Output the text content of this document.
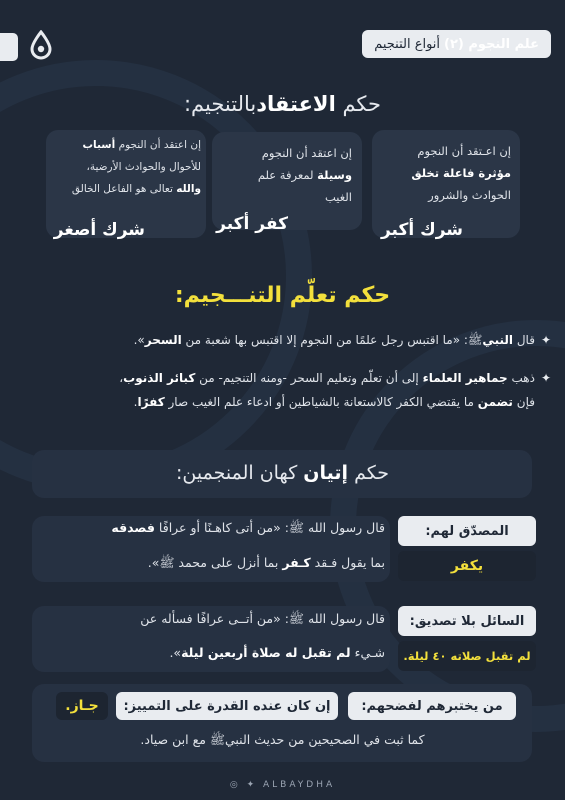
علم النجوم (٢)
أنواع التنجيم
حكم الاعتقادبالتنجيم:
إن اعـتقد أن النجوم
مؤثرة فاعلة تخلق
الحوادث والشرور
شرك أكبر
إن اعتقد أن النجوم
وسيلة لمعرفة علم
الغيب
كفر أكبر
إن اعتقد أن النجوم أسباب
للأحوال والحوادث الأرضية،
والله تعالى هو الفاعل الخالق
شرك أصغر
حكم تعلّم التنـــجيم:
✦قال النبيﷺ: «ما اقتبس رجل علمًا من النجوم إلا اقتبس بها شعبة من السحر».
✦ذهب جماهير العلماء إلى أن تعلّم وتعليم السحر -ومنه التنجيم- من كبائر الذنوب،
فإن تضمن ما يقتضي الكفر كالاستعانة بالشياطين أو ادعاء علم الغيب صار كفرًا.
حكم إتيان كهان المنجمين:
المصدّق لهم:
يكفر
قال رسول الله ﷺ: «من أتى كاهـنًا أو عرافًا فصدقه
بما يقول فـقد كـفر بما أنزل على محمد ﷺ».
السائل بلا تصديق:
لم تقبل صلاته ٤٠ ليلة.
قال رسول الله ﷺ: «من أتــى عرافًا فسأله عن
شـيء لم تقبل له صلاة أربعين ليلة».
من يختبرهم لفضحهم:
إن كان عنده القدرة على التمييز:
جـاز.
كما ثبت في الصحيحين من حديث النبيﷺ مع ابن صياد.
◎ ✦ ALBAYDHA
